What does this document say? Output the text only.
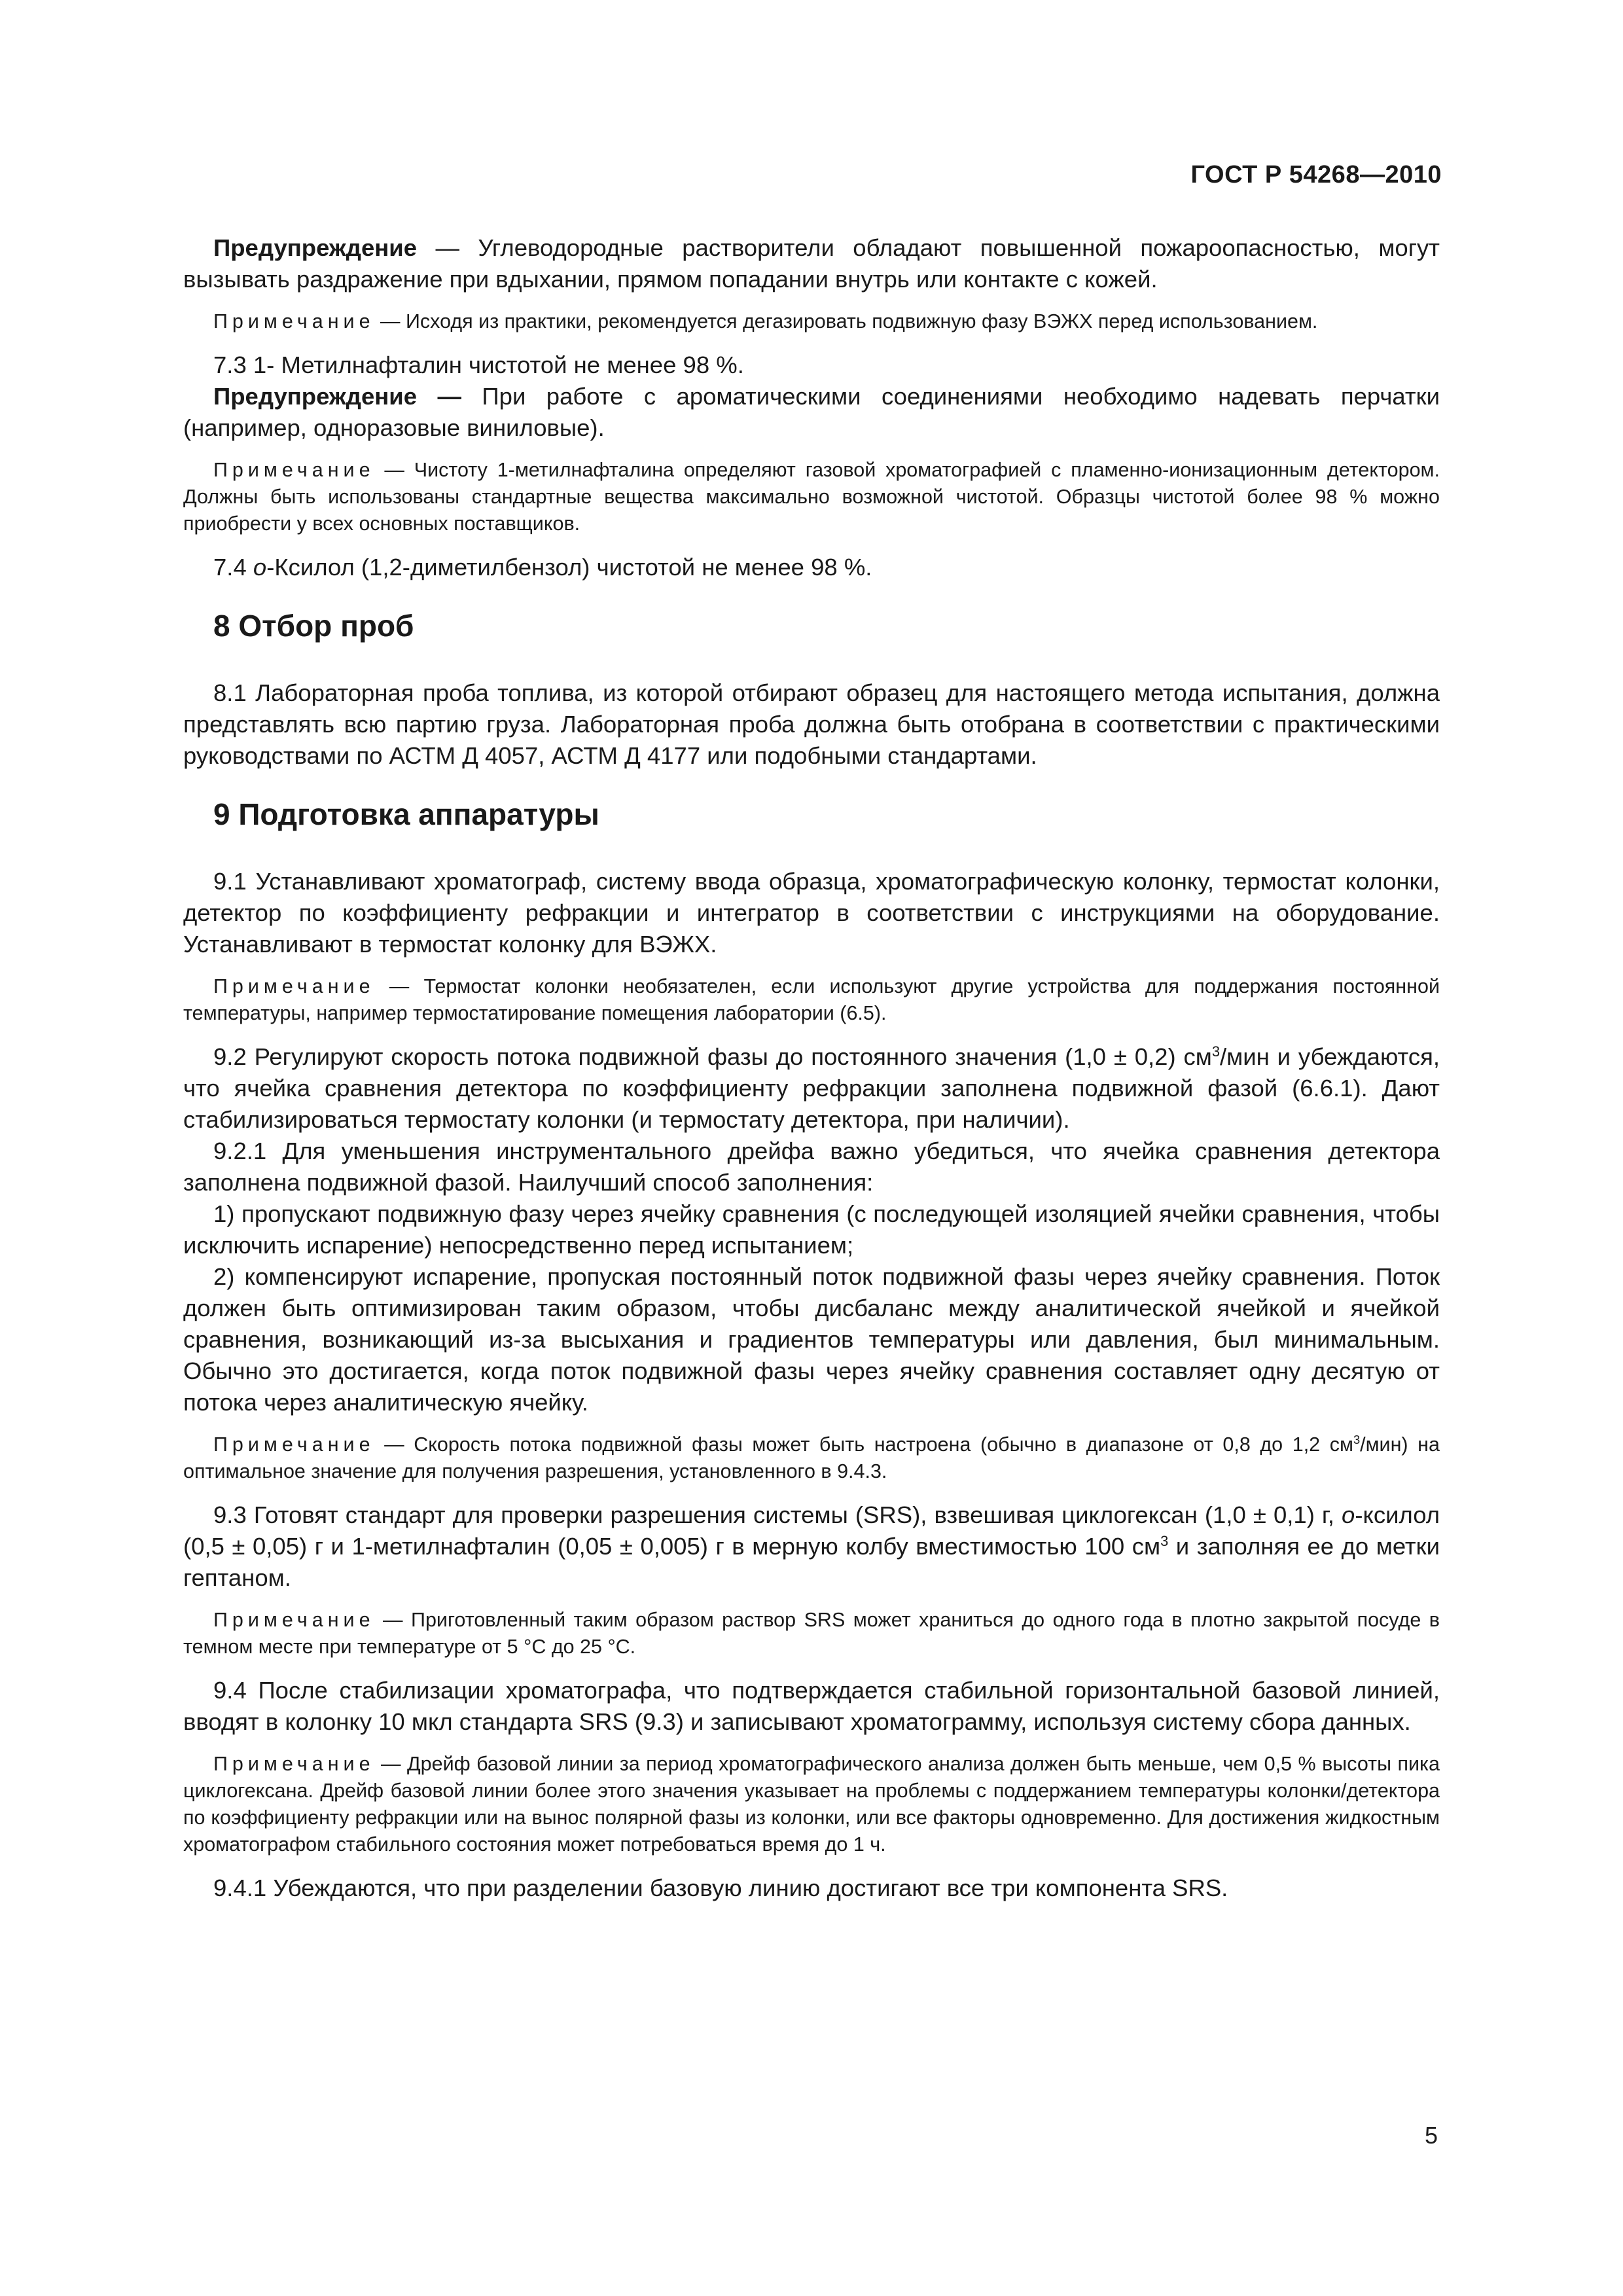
ГОСТ Р 54268—2010

Предупреждение — Углеводородные растворители обладают повышенной пожароопасностью, могут вызывать раздражение при вдыхании, прямом попадании внутрь или контакте с кожей.

Примечание — Исходя из практики, рекомендуется дегазировать подвижную фазу ВЭЖХ перед использованием.

7.3 1- Метилнафталин чистотой не менее 98 %.

Предупреждение — При работе с ароматическими соединениями необходимо надевать перчатки (например, одноразовые виниловые).

Примечание — Чистоту 1-метилнафталина определяют газовой хроматографией с пламенно-ионизационным детектором. Должны быть использованы стандартные вещества максимально возможной чистотой. Образцы чистотой более 98 % можно приобрести у всех основных поставщиков.

7.4 о-Ксилол (1,2-диметилбензол) чистотой не менее 98 %.

8 Отбор проб

8.1 Лабораторная проба топлива, из которой отбирают образец для настоящего метода испытания, должна представлять всю партию груза. Лабораторная проба должна быть отобрана в соответствии с практическими руководствами по АСТМ Д 4057, АСТМ Д 4177 или подобными стандартами.

9 Подготовка аппаратуры

9.1 Устанавливают хроматограф, систему ввода образца, хроматографическую колонку, термостат колонки, детектор по коэффициенту рефракции и интегратор в соответствии с инструкциями на оборудование. Устанавливают в термостат колонку для ВЭЖХ.

Примечание — Термостат колонки необязателен, если используют другие устройства для поддержания постоянной температуры, например термостатирование помещения лаборатории (6.5).

9.2 Регулируют скорость потока подвижной фазы до постоянного значения (1,0 ± 0,2) $см^3$/мин и убеждаются, что ячейка сравнения детектора по коэффициенту рефракции заполнена подвижной фазой (6.6.1). Дают стабилизироваться термостату колонки (и термостату детектора, при наличии).

9.2.1 Для уменьшения инструментального дрейфа важно убедиться, что ячейка сравнения детектора заполнена подвижной фазой. Наилучший способ заполнения:

1) пропускают подвижную фазу через ячейку сравнения (с последующей изоляцией ячейки сравнения, чтобы исключить испарение) непосредственно перед испытанием;

2) компенсируют испарение, пропуская постоянный поток подвижной фазы через ячейку сравнения. Поток должен быть оптимизирован таким образом, чтобы дисбаланс между аналитической ячейкой и ячейкой сравнения, возникающий из-за высыхания и градиентов температуры или давления, был минимальным. Обычно это достигается, когда поток подвижной фазы через ячейку сравнения составляет одну десятую от потока через аналитическую ячейку.

Примечание — Скорость потока подвижной фазы может быть настроена (обычно в диапазоне от 0,8 до 1,2 $см^3/мин$) на оптимальное значение для получения разрешения, установленного в 9.4.3.

9.3 Готовят стандарт для проверки разрешения системы (SRS), взвешивая циклогексан (1,0 ± 0,1) г, о-ксилол (0,5 ± 0,05) г и 1-метилнафталин (0,05 ± 0,005) г в мерную колбу вместимостью 100 $см^3$ и заполняя ее до метки гептаном.

Примечание — Приготовленный таким образом раствор SRS может храниться до одного года в плотно закрытой посуде в темном месте при температуре от 5 °С до 25 °С.

9.4 После стабилизации хроматографа, что подтверждается стабильной горизонтальной базовой линией, вводят в колонку 10 мкл стандарта SRS (9.3) и записывают хроматограмму, используя систему сбора данных.

Примечание — Дрейф базовой линии за период хроматографического анализа должен быть меньше, чем 0,5 % высоты пика циклогексана. Дрейф базовой линии более этого значения указывает на проблемы с поддержанием температуры колонки/детектора по коэффициенту рефракции или на вынос полярной фазы из колонки, или все факторы одновременно. Для достижения жидкостным хроматографом стабильного состояния может потребоваться время до 1 ч.

9.4.1 Убеждаются, что при разделении базовую линию достигают все три компонента SRS.

5
